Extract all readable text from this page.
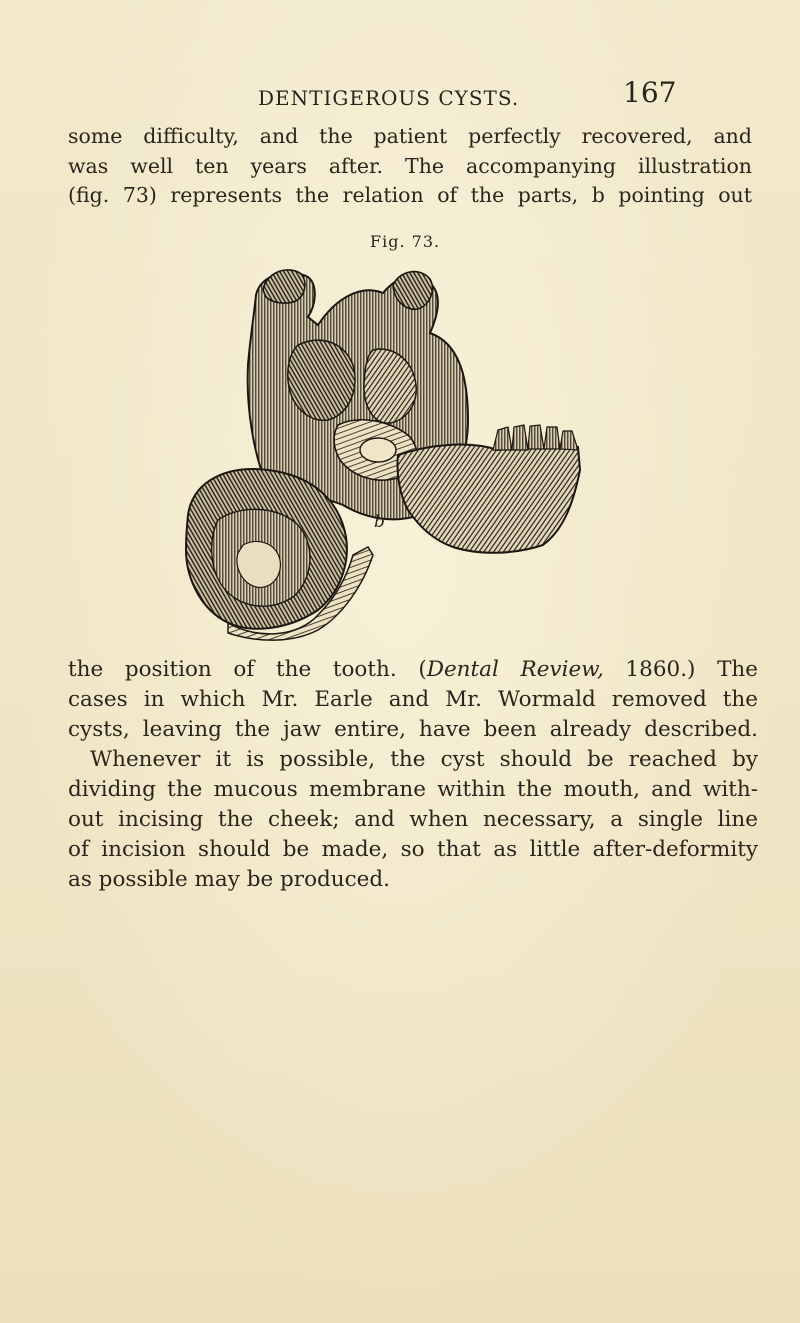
DENTIGEROUS CYSTS.	167
some difficulty, and the patient perfectly recovered, and
was well ten years after. The accompanying illustration
(fig. 73) represents the relation of the parts, b pointing out
Fig. 73.
b
the position of the tooth. (Dental Review, 1860.) The
cases in which Mr. Earle and Mr. Wormald removed the
cysts, leaving the jaw entire, have been already described.
Whenever it is possible, the cyst should be reached by
dividing the mucous membrane within the mouth, and with-
out incising the cheek; and when necessary, a single line
of incision should be made, so that as little after-deformity
as possible may be produced.
